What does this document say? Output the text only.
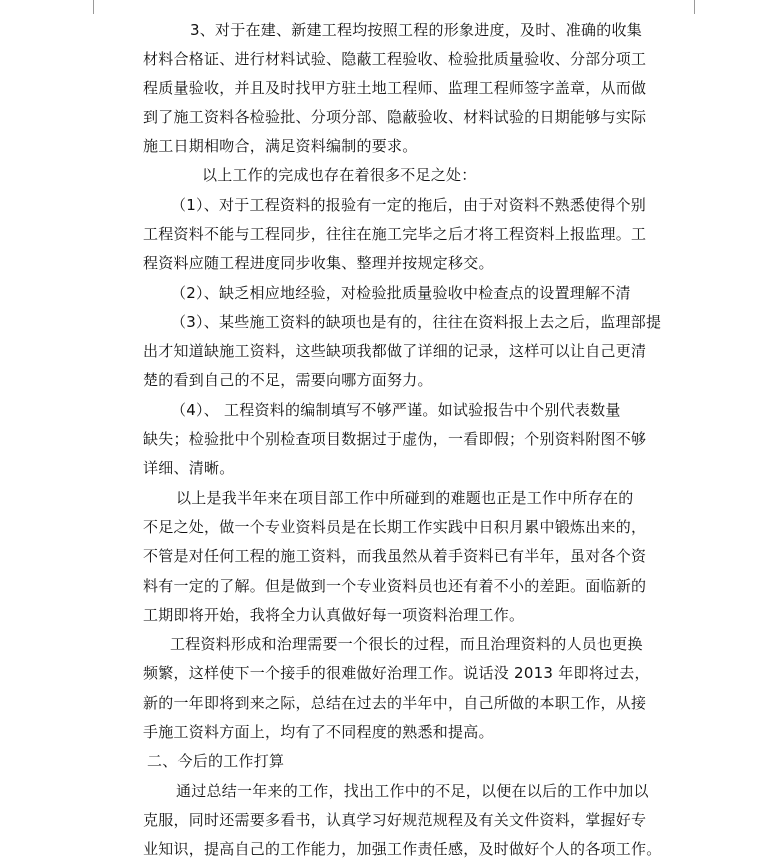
3、对于在建、新建工程均按照工程的形象进度，及时、准确的收集
材料合格证、进行材料试验、隐蔽工程验收、检验批质量验收、分部分项工
程质量验收，并且及时找甲方驻土地工程师、监理工程师签字盖章，从而做
到了施工资料各检验批、分项分部、隐蔽验收、材料试验的日期能够与实际
施工日期相吻合，满足资料编制的要求。
以上工作的完成也存在着很多不足之处：
（1）、对于工程资料的报验有一定的拖后，由于对资料不熟悉使得个别
工程资料不能与工程同步，往往在施工完毕之后才将工程资料上报监理。工
程资料应随工程进度同步收集、整理并按规定移交。
（2）、缺乏相应地经验，对检验批质量验收中检查点的设置理解不清
（3）、某些施工资料的缺项也是有的，往往在资料报上去之后，监理部提
出才知道缺施工资料，这些缺项我都做了详细的记录，这样可以让自己更清
楚的看到自己的不足，需要向哪方面努力。
（4）、 工程资料的编制填写不够严谨。如试验报告中个别代表数量
缺失；检验批中个别检查项目数据过于虚伪，一看即假；个别资料附图不够
详细、清晰。
以上是我半年来在项目部工作中所碰到的难题也正是工作中所存在的
不足之处，做一个专业资料员是在长期工作实践中日积月累中锻炼出来的，
不管是对任何工程的施工资料，而我虽然从着手资料已有半年，虽对各个资
料有一定的了解。但是做到一个专业资料员也还有着不小的差距。面临新的
工期即将开始，我将全力认真做好每一项资料治理工作。
工程资料形成和治理需要一个很长的过程，而且治理资料的人员也更换
频繁，这样使下一个接手的很难做好治理工作。说话没 2013 年即将过去，
新的一年即将到来之际，总结在过去的半年中，自己所做的本职工作，从接
手施工资料方面上，均有了不同程度的熟悉和提高。
二、今后的工作打算
通过总结一年来的工作，找出工作中的不足，以便在以后的工作中加以
克服，同时还需要多看书，认真学习好规范规程及有关文件资料，掌握好专
业知识，提高自己的工作能力，加强工作责任感，及时做好个人的各项工作。
